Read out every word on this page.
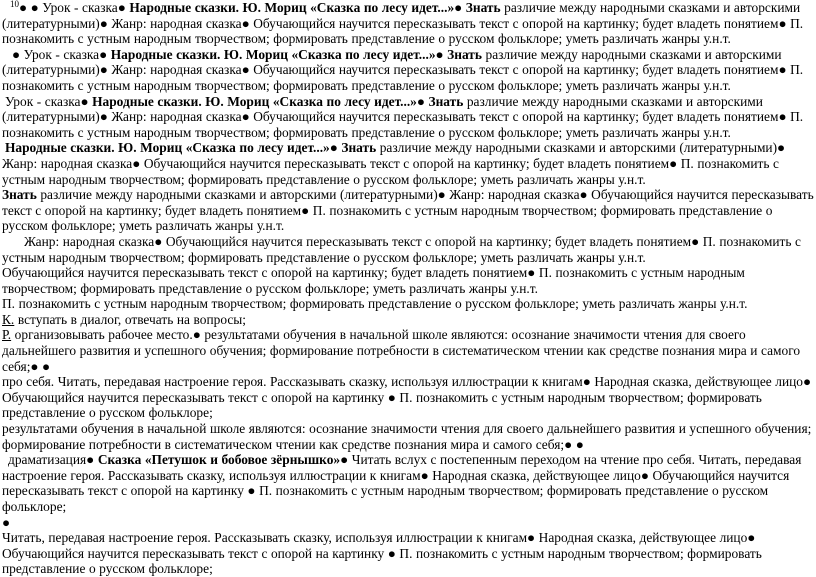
$^{10}$● ● Урок - сказка● Народные сказки. Ю. Мориц «Сказка по лесу идет...»● Знать различие между народными сказками и авторскими (литературными)● Жанр: народная сказка● Обучающийся научится пересказывать текст с опорой на картинку; будет владеть понятием● П. познакомить с устным народным творчеством; формировать представление о русском фольклоре; уметь различать жанры у.н.т.

● Урок - сказка● Народные сказки. Ю. Мориц «Сказка по лесу идет...»● Знать различие между народными сказками и авторскими (литературными)● Жанр: народная сказка● Обучающийся научится пересказывать текст с опорой на картинку; будет владеть понятием● П. познакомить с устным народным творчеством; формировать представление о русском фольклоре; уметь различать жанры у.н.т.

Урок - сказка● Народные сказки. Ю. Мориц «Сказка по лесу идет...»● Знать различие между народными сказками и авторскими (литературными)● Жанр: народная сказка● Обучающийся научится пересказывать текст с опорой на картинку; будет владеть понятием● П. познакомить с устным народным творчеством; формировать представление о русском фольклоре; уметь различать жанры у.н.т.

Народные сказки. Ю. Мориц «Сказка по лесу идет...»● Знать различие между народными сказками и авторскими (литературными)● Жанр: народная сказка● Обучающийся научится пересказывать текст с опорой на картинку; будет владеть понятием● П. познакомить с устным народным творчеством; формировать представление о русском фольклоре; уметь различать жанры у.н.т.

Знать различие между народными сказками и авторскими (литературными)● Жанр: народная сказка● Обучающийся научится пересказывать текст с опорой на картинку; будет владеть понятием● П. познакомить с устным народным творчеством; формировать представление о русском фольклоре; уметь различать жанры у.н.т.

Жанр: народная сказка● Обучающийся научится пересказывать текст с опорой на картинку; будет владеть понятием● П. познакомить с устным народным творчеством; формировать представление о русском фольклоре; уметь различать жанры у.н.т.

Обучающийся научится пересказывать текст с опорой на картинку; будет владеть понятием● П. познакомить с устным народным творчеством; формировать представление о русском фольклоре; уметь различать жанры у.н.т.

П. познакомить с устным народным творчеством; формировать представление о русском фольклоре; уметь различать жанры у.н.т.

К. вступать в диалог, отвечать на вопросы;

Р. организовывать рабочее место.● результатами обучения в начальной школе являются: осознание значимости чтения для своего дальнейшего развития и успешного обучения; формирование потребности в систематическом чтении как средстве познания мира и самого себя;● ●

про себя. Читать, передавая настроение героя. Рассказывать сказку, используя иллюстрации к книгам● Народная сказка, действующее лицо● Обучающийся научится пересказывать текст с опорой на картинку ● П. познакомить с устным народным творчеством; формировать представление о русском фольклоре;

результатами обучения в начальной школе являются: осознание значимости чтения для своего дальнейшего развития и успешного обучения; формирование потребности в систематическом чтении как средстве познания мира и самого себя;● ●

драматизация● Сказка «Петушок и бобовое зёрнышко»● Читать вслух с постепенным переходом на чтение про себя. Читать, передавая настроение героя. Рассказывать сказку, используя иллюстрации к книгам● Народная сказка, действующее лицо● Обучающийся научится пересказывать текст с опорой на картинку ● П. познакомить с устным народным творчеством; формировать представление о русском фольклоре;

●

Читать, передавая настроение героя. Рассказывать сказку, используя иллюстрации к книгам● Народная сказка, действующее лицо● Обучающийся научится пересказывать текст с опорой на картинку ● П. познакомить с устным народным творчеством; формировать представление о русском фольклоре;
